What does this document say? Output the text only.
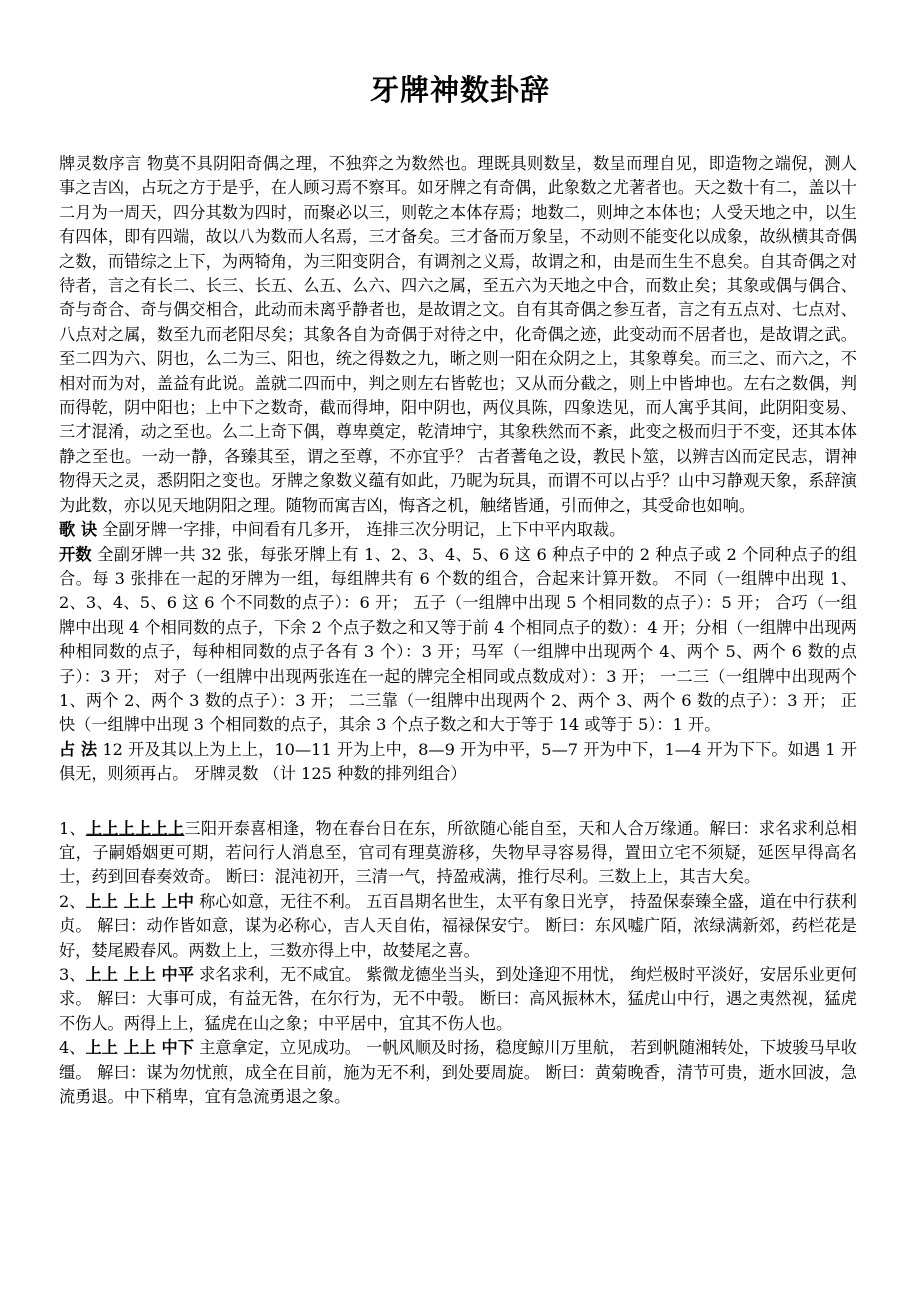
牙牌神数卦辞

牌灵数序言 物莫不具阴阳奇偶之理，不独弈之为数然也。理既具则数呈，数呈而理自见，即造物之端倪，测人事之吉凶，占玩之方于是乎，在人顾习焉不察耳。如牙牌之有奇偶，此象数之尤著者也。天之数十有二，盖以十二月为一周天，四分其数为四时，而聚必以三，则乾之本体存焉；地数二，则坤之本体也；人受天地之中，以生有四体，即有四端，故以八为数而人名焉，三才备矣。三才备而万象呈，不动则不能变化以成象，故纵横其奇偶之数，而错综之上下，为两犄角，为三阳变阴合，有调剂之义焉，故谓之和，由是而生生不息矣。自其奇偶之对待者，言之有长二、长三、长五、么五、么六、四六之属，至五六为天地之中合，而数止矣；其象或偶与偶合、奇与奇合、奇与偶交相合，此动而未离乎静者也，是故谓之文。自有其奇偶之参互者，言之有五点对、七点对、八点对之属，数至九而老阳尽矣；其象各自为奇偶于对待之中，化奇偶之迹，此变动而不居者也，是故谓之武。至二四为六、阴也，么二为三、阳也，统之得数之九，晰之则一阳在众阴之上，其象尊矣。而三之、而六之，不相对而为对，盖益有此说。盖就二四而中，判之则左右皆乾也；又从而分截之，则上中皆坤也。左右之数偶，判而得乾，阴中阳也；上中下之数奇，截而得坤，阳中阴也，两仪具陈，四象迭见，而人寓乎其间，此阴阳变易、三才混淆，动之至也。么二上奇下偶，尊卑奠定，乾清坤宁，其象秩然而不紊，此变之极而归于不变，还其本体静之至也。一动一静，各臻其至，谓之至尊，不亦宜乎？ 古者蓍龟之设，教民卜筮，以辨吉凶而定民志，谓神物得天之灵，悉阴阳之变也。牙牌之象数义蕴有如此，乃昵为玩具，而谓不可以占乎？山中习静观天象，系辞演为此数，亦以见天地阴阳之理。随物而寓吉凶，悔吝之机，触绪皆通，引而伸之，其受命也如响。

歌 诀 全副牙牌一字排，中间看有几多开， 连排三次分明记，上下中平内取裁。

开数 全副牙牌一共 32 张，每张牙牌上有 1、2、3、4、5、6 这 6 种点子中的 2 种点子或 2 个同种点子的组合。每 3 张排在一起的牙牌为一组，每组牌共有 6 个数的组合，合起来计算开数。 不同（一组牌中出现 1、2、3、4、5、6 这 6 个不同数的点子）：6 开； 五子（一组牌中出现 5 个相同数的点子）：5 开； 合巧（一组牌中出现 4 个相同数的点子，下余 2 个点子数之和又等于前 4 个相同点子的数）：4 开；分相（一组牌中出现两种相同数的点子，每种相同数的点子各有 3 个）：3 开；马军（一组牌中出现两个 4、两个 5、两个 6 数的点子）：3 开； 对子（一组牌中出现两张连在一起的牌完全相同或点数成对）：3 开； 一二三（一组牌中出现两个 1、两个 2、两个 3 数的点子）：3 开； 二三靠（一组牌中出现两个 2、两个 3、两个 6 数的点子）：3 开； 正快（一组牌中出现 3 个相同数的点子，其余 3 个点子数之和大于等于 14 或等于 5）：1 开。

占 法 12 开及其以上为上上，10—11 开为上中，8—9 开为中平，5—7 开为中下，1—4 开为下下。如遇 1 开俱无，则须再占。 牙牌灵数 （计 125 种数的排列组合）

1、上上上上上上三阳开泰喜相逢，物在春台日在东，所欲随心能自至，天和人合万缘通。解曰：求名求利总相宜，子嗣婚姻更可期，若问行人消息至，官司有理莫游移，失物早寻容易得，置田立宅不须疑，延医早得高名士，药到回春奏效奇。 断曰：混沌初开，三清一气，持盈戒满，推行尽利。三数上上，其吉大矣。

2、上上 上上 上中 称心如意，无往不利。 五百昌期名世生，太平有象日光亨， 持盈保泰臻全盛，道在中行获利贞。 解曰：动作皆如意，谋为必称心，吉人天自佑，福禄保安宁。 断曰：东风嘘广陌，浓绿满新郊，药栏花是好，婪尾殿春风。两数上上，三数亦得上中，故婪尾之喜。

3、上上 上上 中平 求名求利，无不咸宜。 紫微龙德坐当头，到处逢迎不用忧， 绚烂极时平淡好，安居乐业更何求。 解曰：大事可成，有益无咎，在尔行为，无不中彀。 断曰：高风振林木，猛虎山中行，遇之夷然视，猛虎不伤人。两得上上，猛虎在山之象；中平居中，宜其不伤人也。

4、上上 上上 中下 主意拿定，立见成功。 一帆风顺及时扬，稳度鲸川万里航， 若到帆随湘转处，下坡骏马早收缰。 解曰：谋为勿忧煎，成全在目前，施为无不利，到处要周旋。 断曰：黄菊晚香，清节可贵，逝水回波，急流勇退。中下稍卑，宜有急流勇退之象。
